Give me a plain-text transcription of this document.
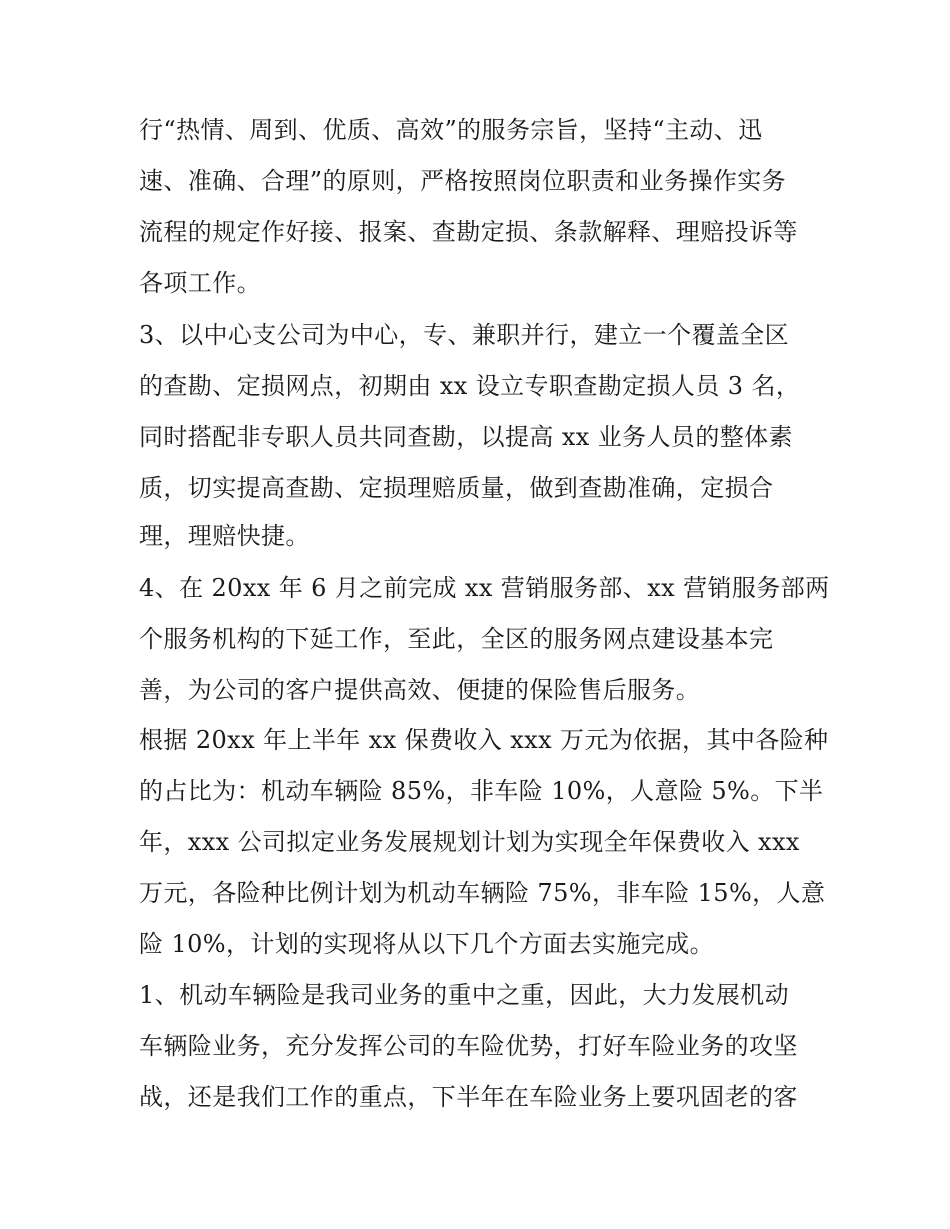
行“热情、周到、优质、高效”的服务宗旨，坚持“主动、迅
速、准确、合理”的原则，严格按照岗位职责和业务操作实务
流程的规定作好接、报案、查勘定损、条款解释、理赔投诉等
各项工作。
3、以中心支公司为中心，专、兼职并行，建立一个覆盖全区
的查勘、定损网点，初期由 xx 设立专职查勘定损人员 3 名，
同时搭配非专职人员共同查勘，以提高 xx 业务人员的整体素
质，切实提高查勘、定损理赔质量，做到查勘准确，定损合
理，理赔快捷。
4、在 20xx 年 6 月之前完成 xx 营销服务部、xx 营销服务部两
个服务机构的下延工作，至此，全区的服务网点建设基本完
善，为公司的客户提供高效、便捷的保险售后服务。
根据 20xx 年上半年 xx 保费收入 xxx 万元为依据，其中各险种
的占比为：机动车辆险 85%，非车险 10%，人意险 5%。下半
年，xxx 公司拟定业务发展规划计划为实现全年保费收入 xxx
万元，各险种比例计划为机动车辆险 75%，非车险 15%，人意
险 10%，计划的实现将从以下几个方面去实施完成。
1、机动车辆险是我司业务的重中之重，因此，大力发展机动
车辆险业务，充分发挥公司的车险优势，打好车险业务的攻坚
战，还是我们工作的重点，下半年在车险业务上要巩固老的客
